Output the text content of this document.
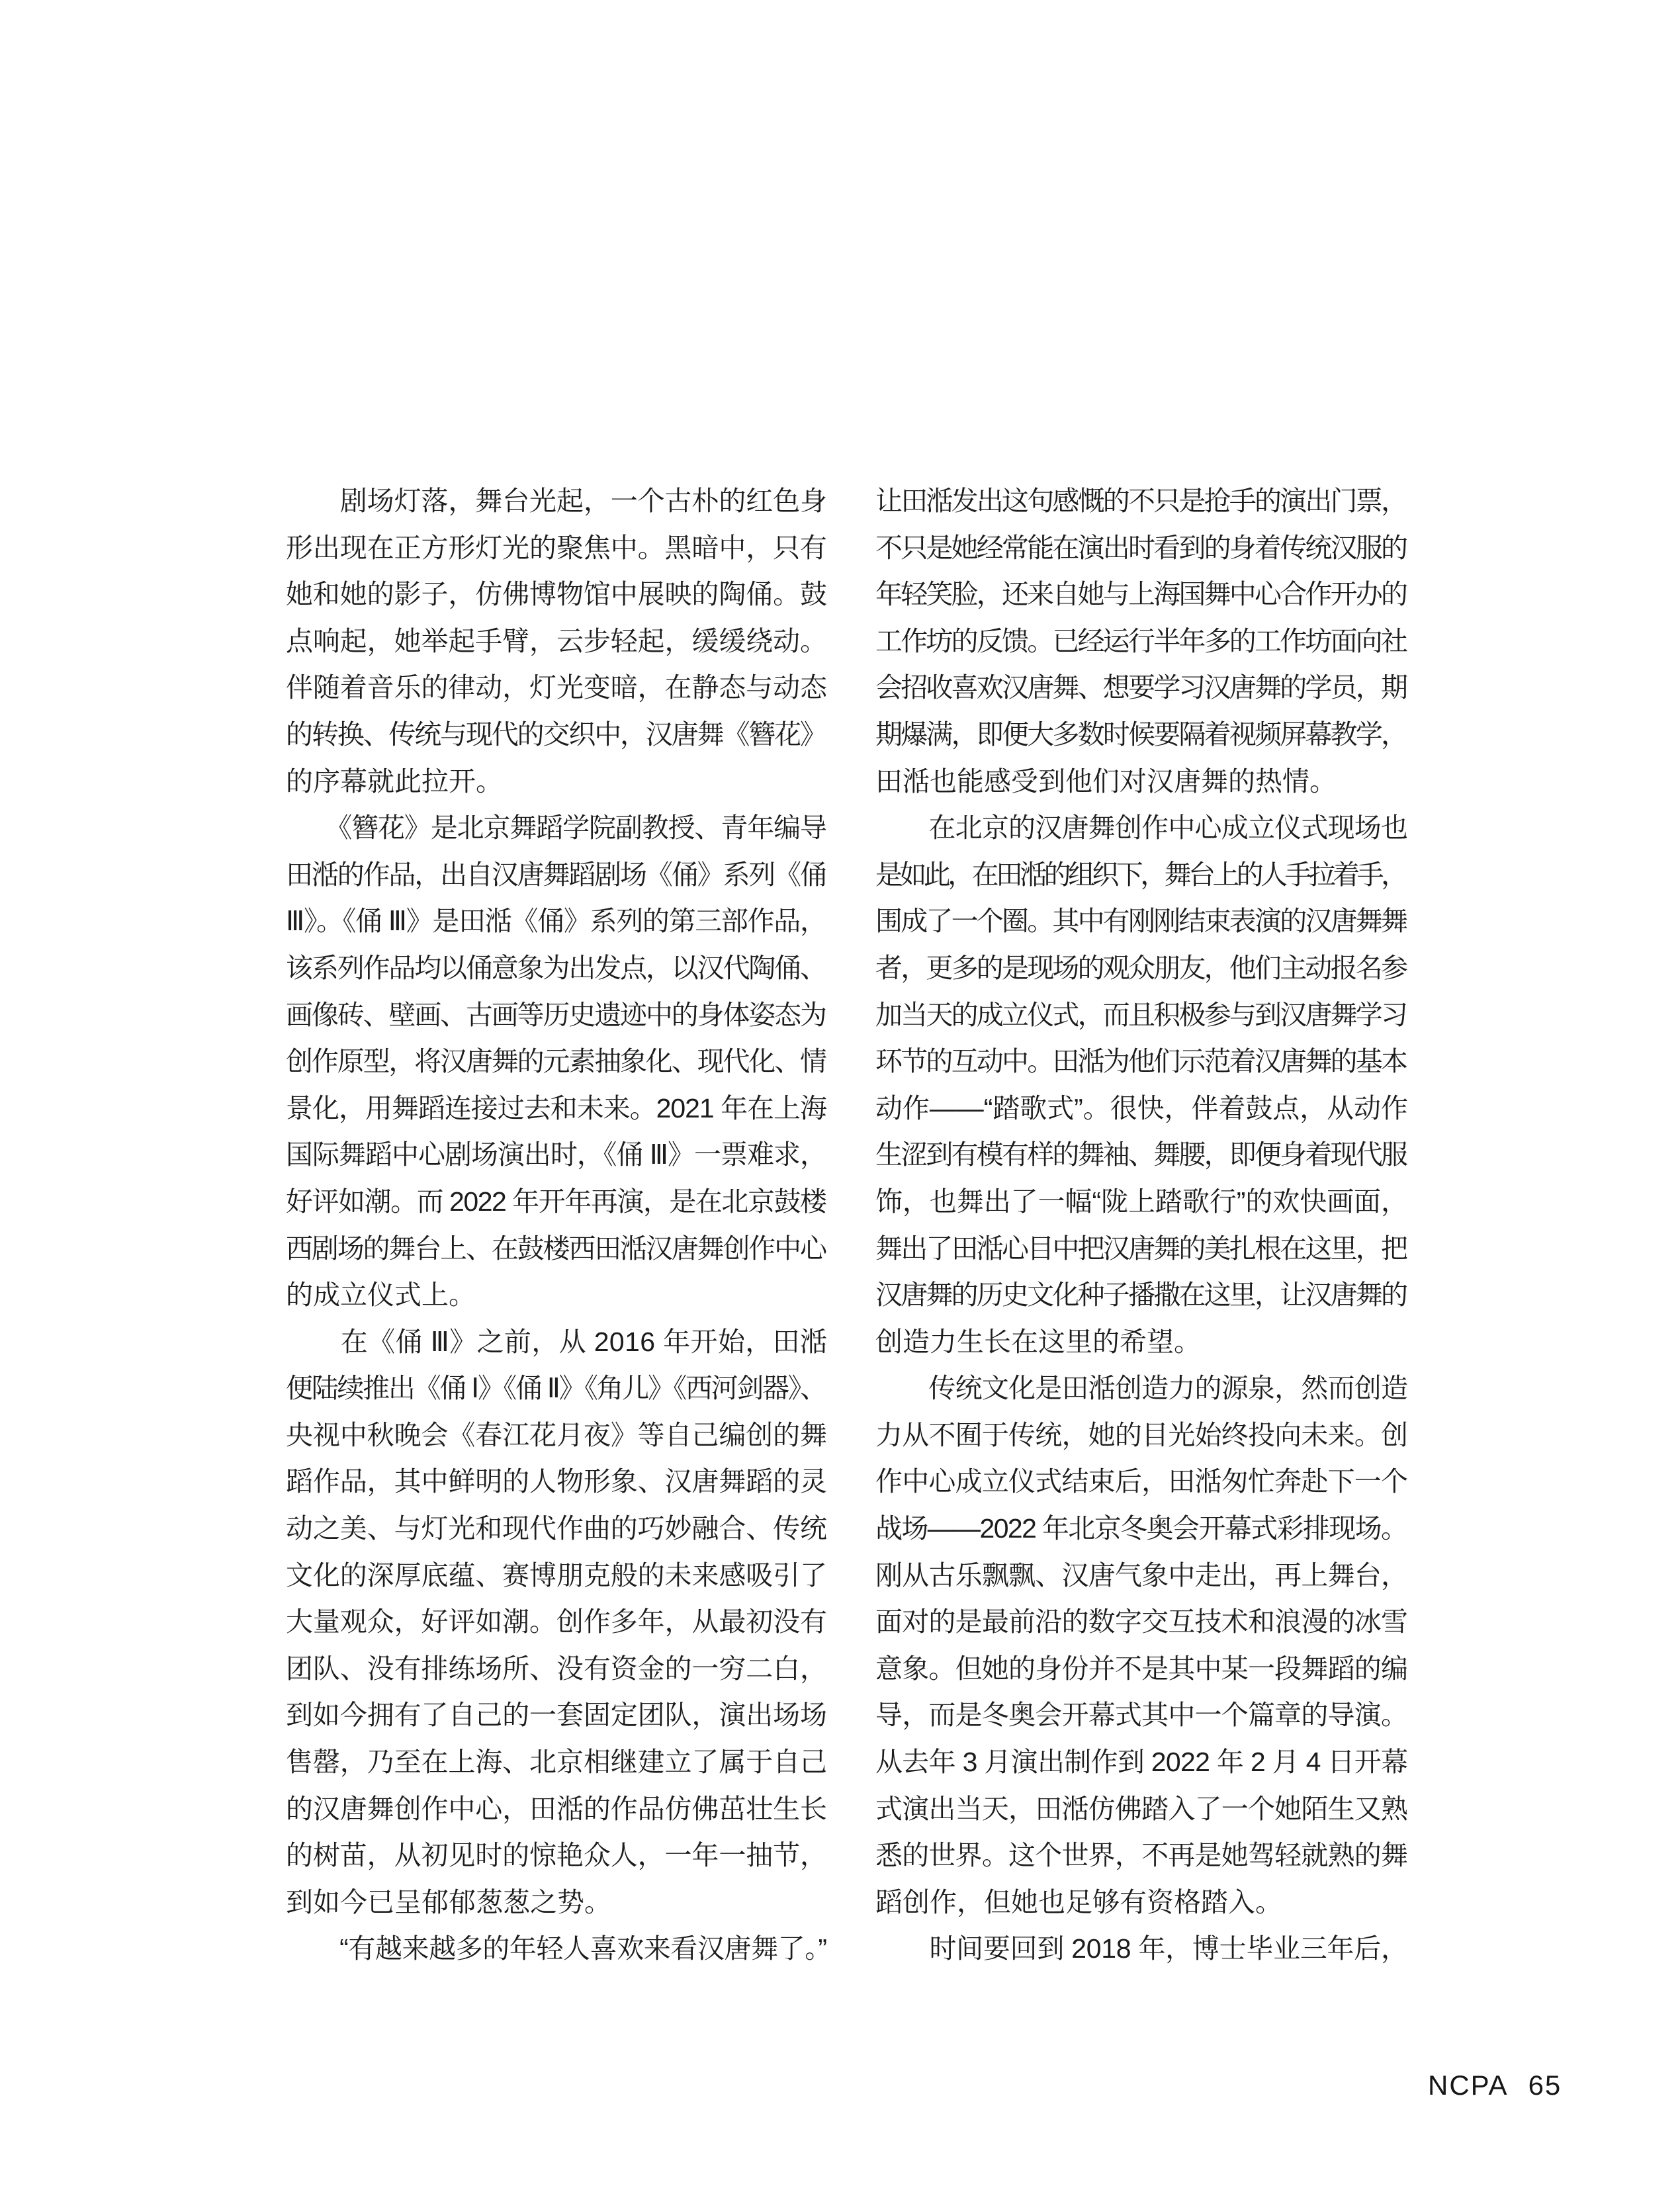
　　剧场灯落，舞台光起，一个古朴的红色身
形出现在正方形灯光的聚焦中。黑暗中，只有
她和她的影子，仿佛博物馆中展映的陶俑。鼓
点响起，她举起手臂，云步轻起，缓缓绕动。
伴随着音乐的律动，灯光变暗，在静态与动态
的转换、传统与现代的交织中，汉唐舞《簪花》
的序幕就此拉开。
　　《簪花》是北京舞蹈学院副教授、青年编导
田湉的作品，出自汉唐舞蹈剧场《俑》系列《俑
Ⅲ》。《俑 Ⅲ》是田湉《俑》系列的第三部作品，
该系列作品均以俑意象为出发点，以汉代陶俑、
画像砖、壁画、古画等历史遗迹中的身体姿态为
创作原型，将汉唐舞的元素抽象化、现代化、情
景化，用舞蹈连接过去和未来。2021 年在上海
国际舞蹈中心剧场演出时，《俑 Ⅲ》一票难求，
好评如潮。而 2022 年开年再演，是在北京鼓楼
西剧场的舞台上、在鼓楼西田湉汉唐舞创作中心
的成立仪式上。
　　在《俑 Ⅲ》之前，从 2016 年开始，田湉
便陆续推出《俑 Ⅰ》《俑 Ⅱ》《角儿》《西河剑器》、
央视中秋晚会《春江花月夜》等自己编创的舞
蹈作品，其中鲜明的人物形象、汉唐舞蹈的灵
动之美、与灯光和现代作曲的巧妙融合、传统
文化的深厚底蕴、赛博朋克般的未来感吸引了
大量观众，好评如潮。创作多年，从最初没有
团队、没有排练场所、没有资金的一穷二白，
到如今拥有了自己的一套固定团队，演出场场
售罄，乃至在上海、北京相继建立了属于自己
的汉唐舞创作中心，田湉的作品仿佛茁壮生长
的树苗，从初见时的惊艳众人，一年一抽节，
到如今已呈郁郁葱葱之势。
　　“有越来越多的年轻人喜欢来看汉唐舞了。”
让田湉发出这句感慨的不只是抢手的演出门票，
不只是她经常能在演出时看到的身着传统汉服的
年轻笑脸，还来自她与上海国舞中心合作开办的
工作坊的反馈。已经运行半年多的工作坊面向社
会招收喜欢汉唐舞、想要学习汉唐舞的学员，期
期爆满，即便大多数时候要隔着视频屏幕教学，
田湉也能感受到他们对汉唐舞的热情。
　　在北京的汉唐舞创作中心成立仪式现场也
是如此，在田湉的组织下，舞台上的人手拉着手，
围成了一个圈。其中有刚刚结束表演的汉唐舞舞
者，更多的是现场的观众朋友，他们主动报名参
加当天的成立仪式，而且积极参与到汉唐舞学习
环节的互动中。田湉为他们示范着汉唐舞的基本
动作——“踏歌式”。很快，伴着鼓点，从动作
生涩到有模有样的舞袖、舞腰，即便身着现代服
饰，也舞出了一幅“陇上踏歌行”的欢快画面，
舞出了田湉心目中把汉唐舞的美扎根在这里，把
汉唐舞的历史文化种子播撒在这里，让汉唐舞的
创造力生长在这里的希望。
　　传统文化是田湉创造力的源泉，然而创造
力从不囿于传统，她的目光始终投向未来。创
作中心成立仪式结束后，田湉匆忙奔赴下一个
战场——2022 年北京冬奥会开幕式彩排现场。
刚从古乐飘飘、汉唐气象中走出，再上舞台，
面对的是最前沿的数字交互技术和浪漫的冰雪
意象。但她的身份并不是其中某一段舞蹈的编
导，而是冬奥会开幕式其中一个篇章的导演。
从去年 3 月演出制作到 2022 年 2 月 4 日开幕
式演出当天，田湉仿佛踏入了一个她陌生又熟
悉的世界。这个世界，不再是她驾轻就熟的舞
蹈创作，但她也足够有资格踏入。
　　时间要回到 2018 年，博士毕业三年后，
NCPA 65
